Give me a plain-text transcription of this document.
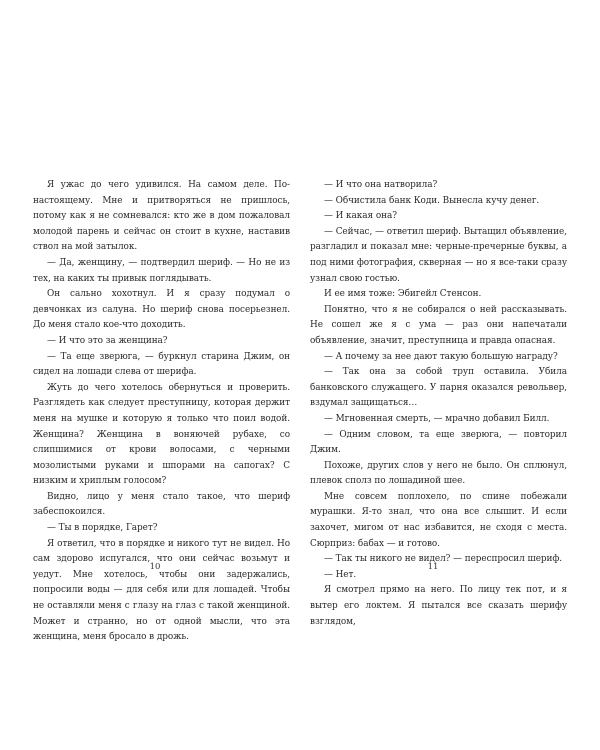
Я ужас до чего удивился. На самом деле. По-настоящему. Мне и притворяться не пришлось, потому как я не сомневался: кто же в дом пожаловал молодой парень и сейчас он стоит в кухне, наставив ствол на мой затылок.

— Да, женщину, — подтвердил шериф. — Но не из тех, на каких ты привык поглядывать.

Он сально хохотнул. И я сразу подумал о девчонках из салуна. Но шериф снова посерьезнел. До меня стало кое-что доходить.

— И что это за женщина?

— Та еще зверюга, — буркнул старина Джим, он сидел на лошади слева от шерифа.

Жуть до чего хотелось обернуться и проверить. Разглядеть как следует преступницу, которая держит меня на мушке и которую я только что поил водой. Женщина? Женщина в воняючей рубахе, со слипшимися от крови волосами, с черными мозолистыми руками и шпорами на сапогах? С низким и хриплым голосом?

Видно, лицо у меня стало такое, что шериф забеспокоился.

— Ты в порядке, Гарет?

Я ответил, что в порядке и никого тут не видел. Но сам здорово испугался, что они сейчас возьмут и уедут. Мне хотелось, чтобы они задержались, попросили воды — для себя или для лошадей. Чтобы не оставляли меня с глазу на глаз с такой женщиной. Может и странно, но от одной мысли, что эта женщина, меня бросало в дрожь.

10

— И что она натворила?

— Обчистила банк Коди. Вынесла кучу денег.

— И какая она?

— Сейчас, — ответил шериф. Вытащил объявление, разгладил и показал мне: черные-пречерные буквы, а под ними фотография, скверная — но я все-таки сразу узнал свою гостью.

И ее имя тоже: Эбигейл Стенсон.

Понятно, что я не собирался о ней рассказывать. Не сошел же я с ума — раз они напечатали объявление, значит, преступница и правда опасная.

— А почему за нее дают такую большую награду?

— Так она за собой труп оставила. Убила банковского служащего. У парня оказался револьвер, вздумал защищаться…

— Мгновенная смерть, — мрачно добавил Билл.

— Одним словом, та еще зверюга, — повторил Джим.

Похоже, других слов у него не было. Он сплюнул, плевок сполз по лошадиной шее.

Мне совсем поплохело, по спине побежали мурашки. Я-то знал, что она все слышит. И если захочет, мигом от нас избавится, не сходя с места. Сюрприз: бабах — и готово.

— Так ты никого не видел? — переспросил шериф.

— Нет.

Я смотрел прямо на него. По лицу тек пот, и я вытер его локтем. Я пытался все сказать шерифу взглядом,

11
